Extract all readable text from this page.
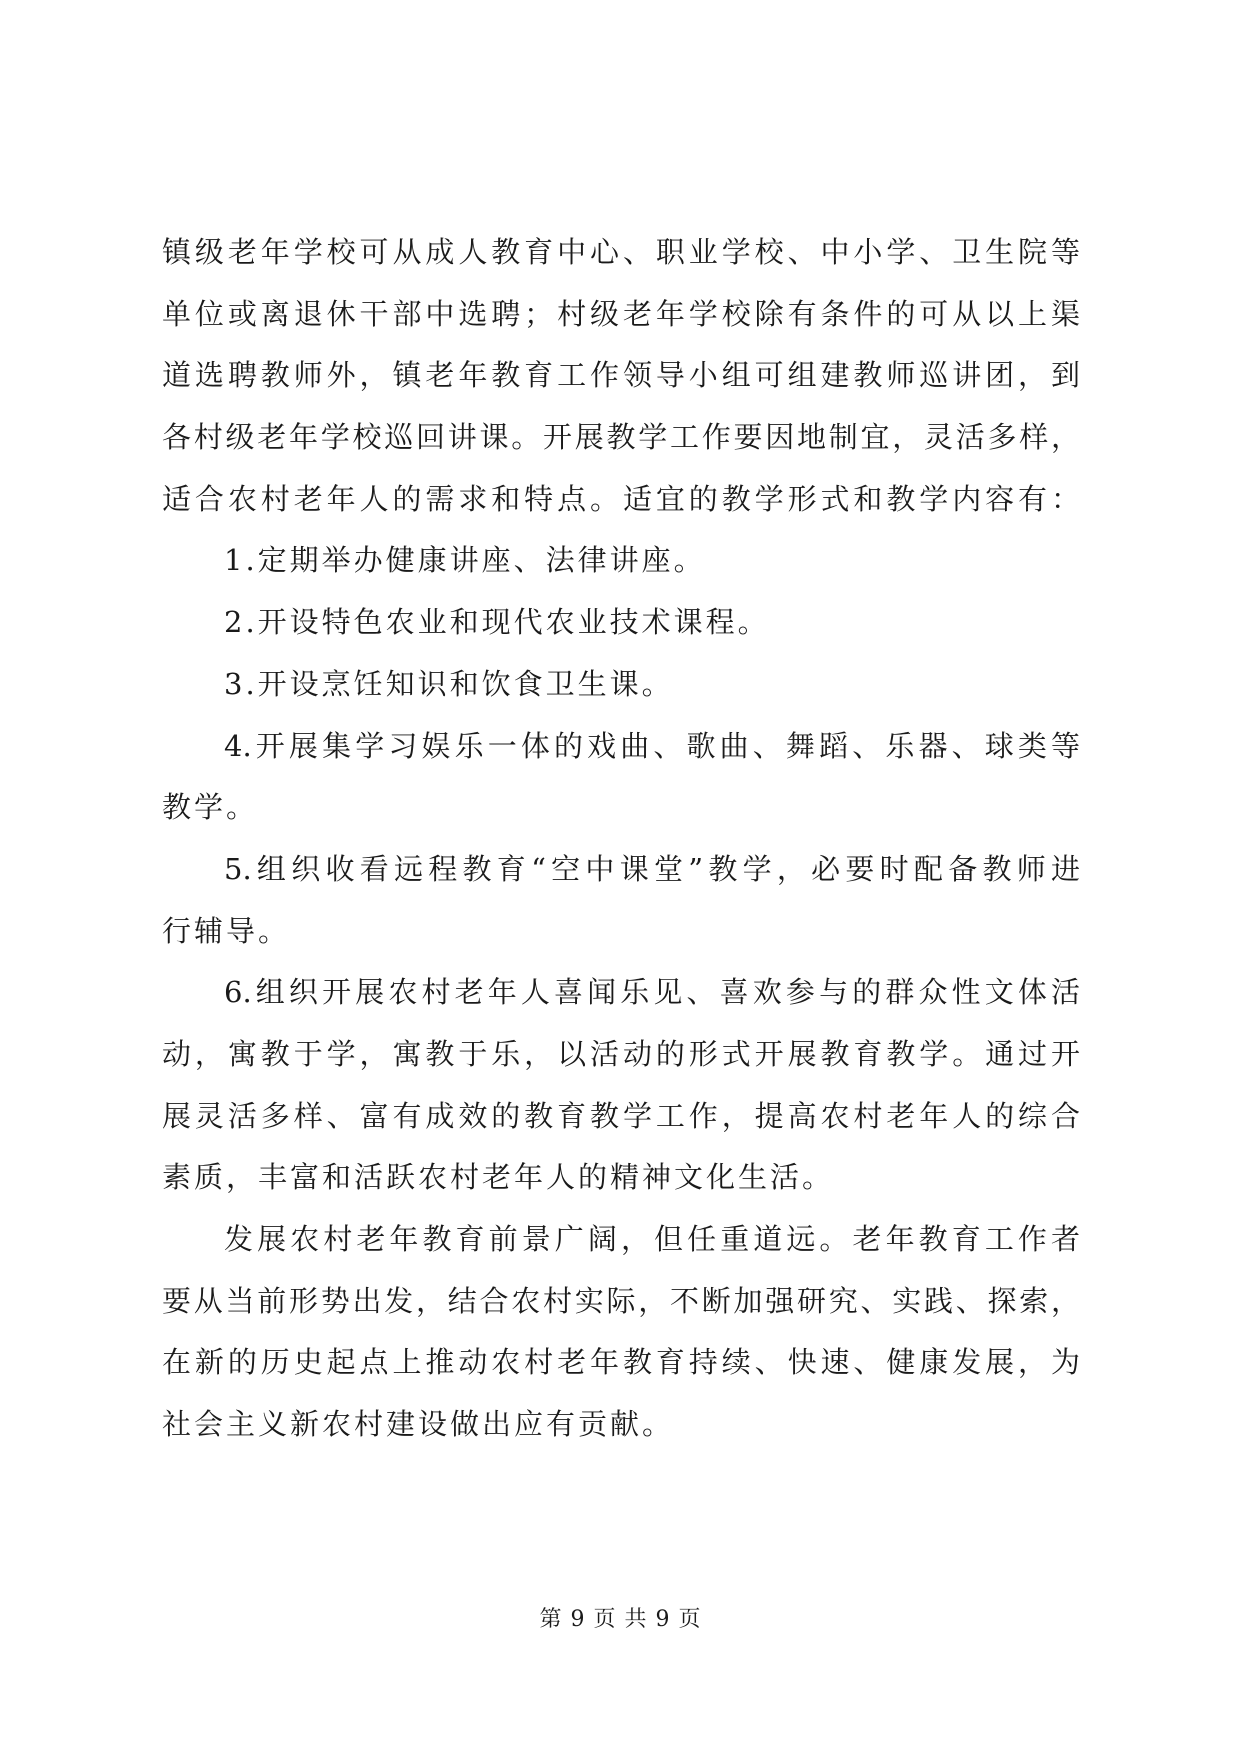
镇级老年学校可从成人教育中心、职业学校、中小学、卫生院等

单位或离退休干部中选聘；村级老年学校除有条件的可从以上渠

道选聘教师外，镇老年教育工作领导小组可组建教师巡讲团，到

各村级老年学校巡回讲课。开展教学工作要因地制宜，灵活多样，

适合农村老年人的需求和特点。适宜的教学形式和教学内容有：

1.定期举办健康讲座、法律讲座。

2.开设特色农业和现代农业技术课程。

3.开设烹饪知识和饮食卫生课。

4.开展集学习娱乐一体的戏曲、歌曲、舞蹈、乐器、球类等

教学。

5.组织收看远程教育“空中课堂”教学，必要时配备教师进

行辅导。

6.组织开展农村老年人喜闻乐见、喜欢参与的群众性文体活

动，寓教于学，寓教于乐，以活动的形式开展教育教学。通过开

展灵活多样、富有成效的教育教学工作，提高农村老年人的综合

素质，丰富和活跃农村老年人的精神文化生活。

发展农村老年教育前景广阔，但任重道远。老年教育工作者

要从当前形势出发，结合农村实际，不断加强研究、实践、探索，

在新的历史起点上推动农村老年教育持续、快速、健康发展，为

社会主义新农村建设做出应有贡献。

第 9 页 共 9 页
